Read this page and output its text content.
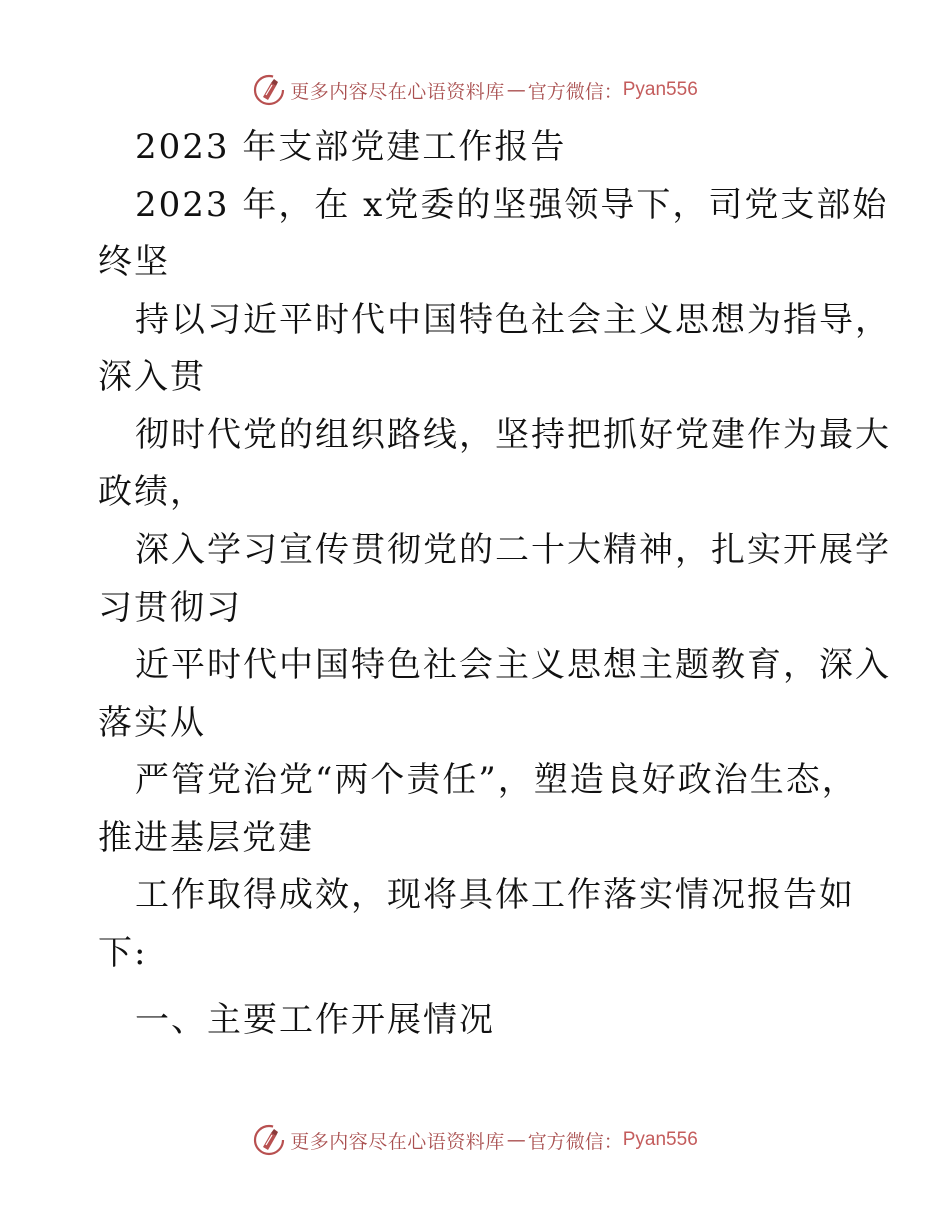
更多内容尽在心语资料库 — 官方微信： Pyan556
2023 年支部党建工作报告
2023 年，在 x党委的坚强领导下，司党支部始
终坚
持以习近平时代中国特色社会主义思想为指导，
深入贯
彻时代党的组织路线，坚持把抓好党建作为最大
政绩，
深入学习宣传贯彻党的二十大精神，扎实开展学
习贯彻习
近平时代中国特色社会主义思想主题教育，深入
落实从
严管党治党“两个责任”，塑造良好政治生态，
推进基层党建
工作取得成效，现将具体工作落实情况报告如
下:
一、主要工作开展情况
更多内容尽在心语资料库 — 官方微信： Pyan556
